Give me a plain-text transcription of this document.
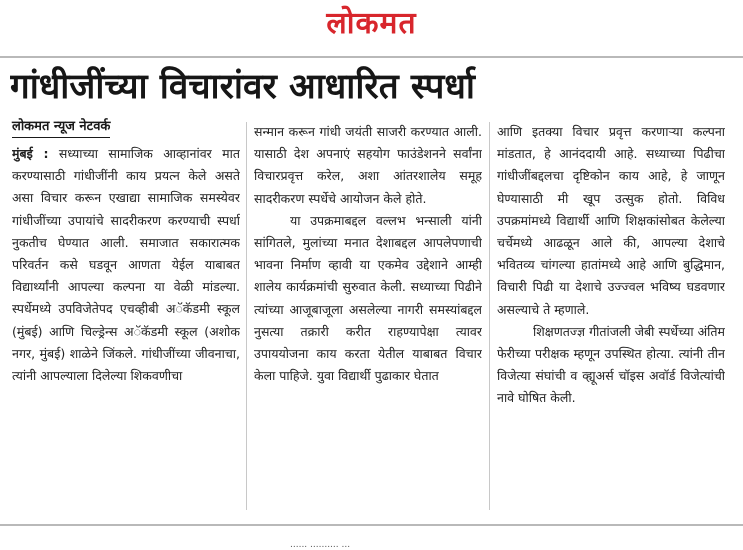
लोकमत
गांधीजींच्या विचारांवर आधारित स्पर्धा
लोकमत न्यूज नेटवर्क

मुंबई : सध्याच्या सामाजिक आव्हानांवर मात करण्यासाठी गांधीजींनी काय प्रयत्न केले असते असा विचार करून एखाद्या सामाजिक समस्येवर गांधीजींच्या उपायांचे सादरीकरण करण्याची स्पर्धा नुकतीच घेण्यात आली. समाजात सकारात्मक परिवर्तन कसे घडवून आणता येईल याबाबत विद्यार्थ्यांनी आपल्या कल्पना या वेळी मांडल्या. स्पर्धेमध्ये उपविजेतेपद एचव्हीबी अॅकॅडमी स्कूल (मुंबई) आणि चिल्ड्रेन्स अॅकॅडमी स्कूल (अशोक नगर, मुंबई) शाळेने जिंकले. गांधीजींच्या जीवनाचा, त्यांनी आपल्याला दिलेल्या शिकवणीचा

सन्मान करून गांधी जयंती साजरी करण्यात आली. यासाठी देश अपनाएं सहयोग फाउंडेशनने सर्वांना विचारप्रवृत्त करेल, अशा आंतरशालेय समूह सादरीकरण स्पर्धेचे आयोजन केले होते.

या उपक्रमाबद्दल वल्लभ भन्साली यांनी सांगितले, मुलांच्या मनात देशाबद्दल आपलेपणाची भावना निर्माण व्हावी या एकमेव उद्देशाने आम्ही शालेय कार्यक्रमांची सुरुवात केली. सध्याच्या पिढीने त्यांच्या आजूबाजूला असलेल्या नागरी समस्यांबद्दल नुसत्या तक्रारी करीत राहण्यापेक्षा त्यावर उपाययोजना काय करता येतील याबाबत विचार केला पाहिजे. युवा विद्यार्थी पुढाकार घेतात

आणि इतक्या विचार प्रवृत्त करणाऱ्या कल्पना मांडतात, हे आनंददायी आहे. सध्याच्या पिढीचा गांधीजींबद्दलचा दृष्टिकोन काय आहे, हे जाणून घेण्यासाठी मी खूप उत्सुक होतो. विविध उपक्रमांमध्ये विद्यार्थी आणि शिक्षकांसोबत केलेल्या चर्चेमध्ये आढळून आले की, आपल्या देशाचे भवितव्य चांगल्या हातांमध्ये आहे आणि बुद्धिमान, विचारी पिढी या देशाचे उज्ज्वल भविष्य घडवणार असल्याचे ते म्हणाले.

शिक्षणतज्ज्ञ गीतांजली जेबी स्पर्धेच्या अंतिम फेरीच्या परीक्षक म्हणून उपस्थित होत्या. त्यांनी तीन विजेत्या संघांची व व्ह्यूअर्स चॉइस अवॉर्ड विजेत्यांची नावे घोषित केली.

...... .......... ...
